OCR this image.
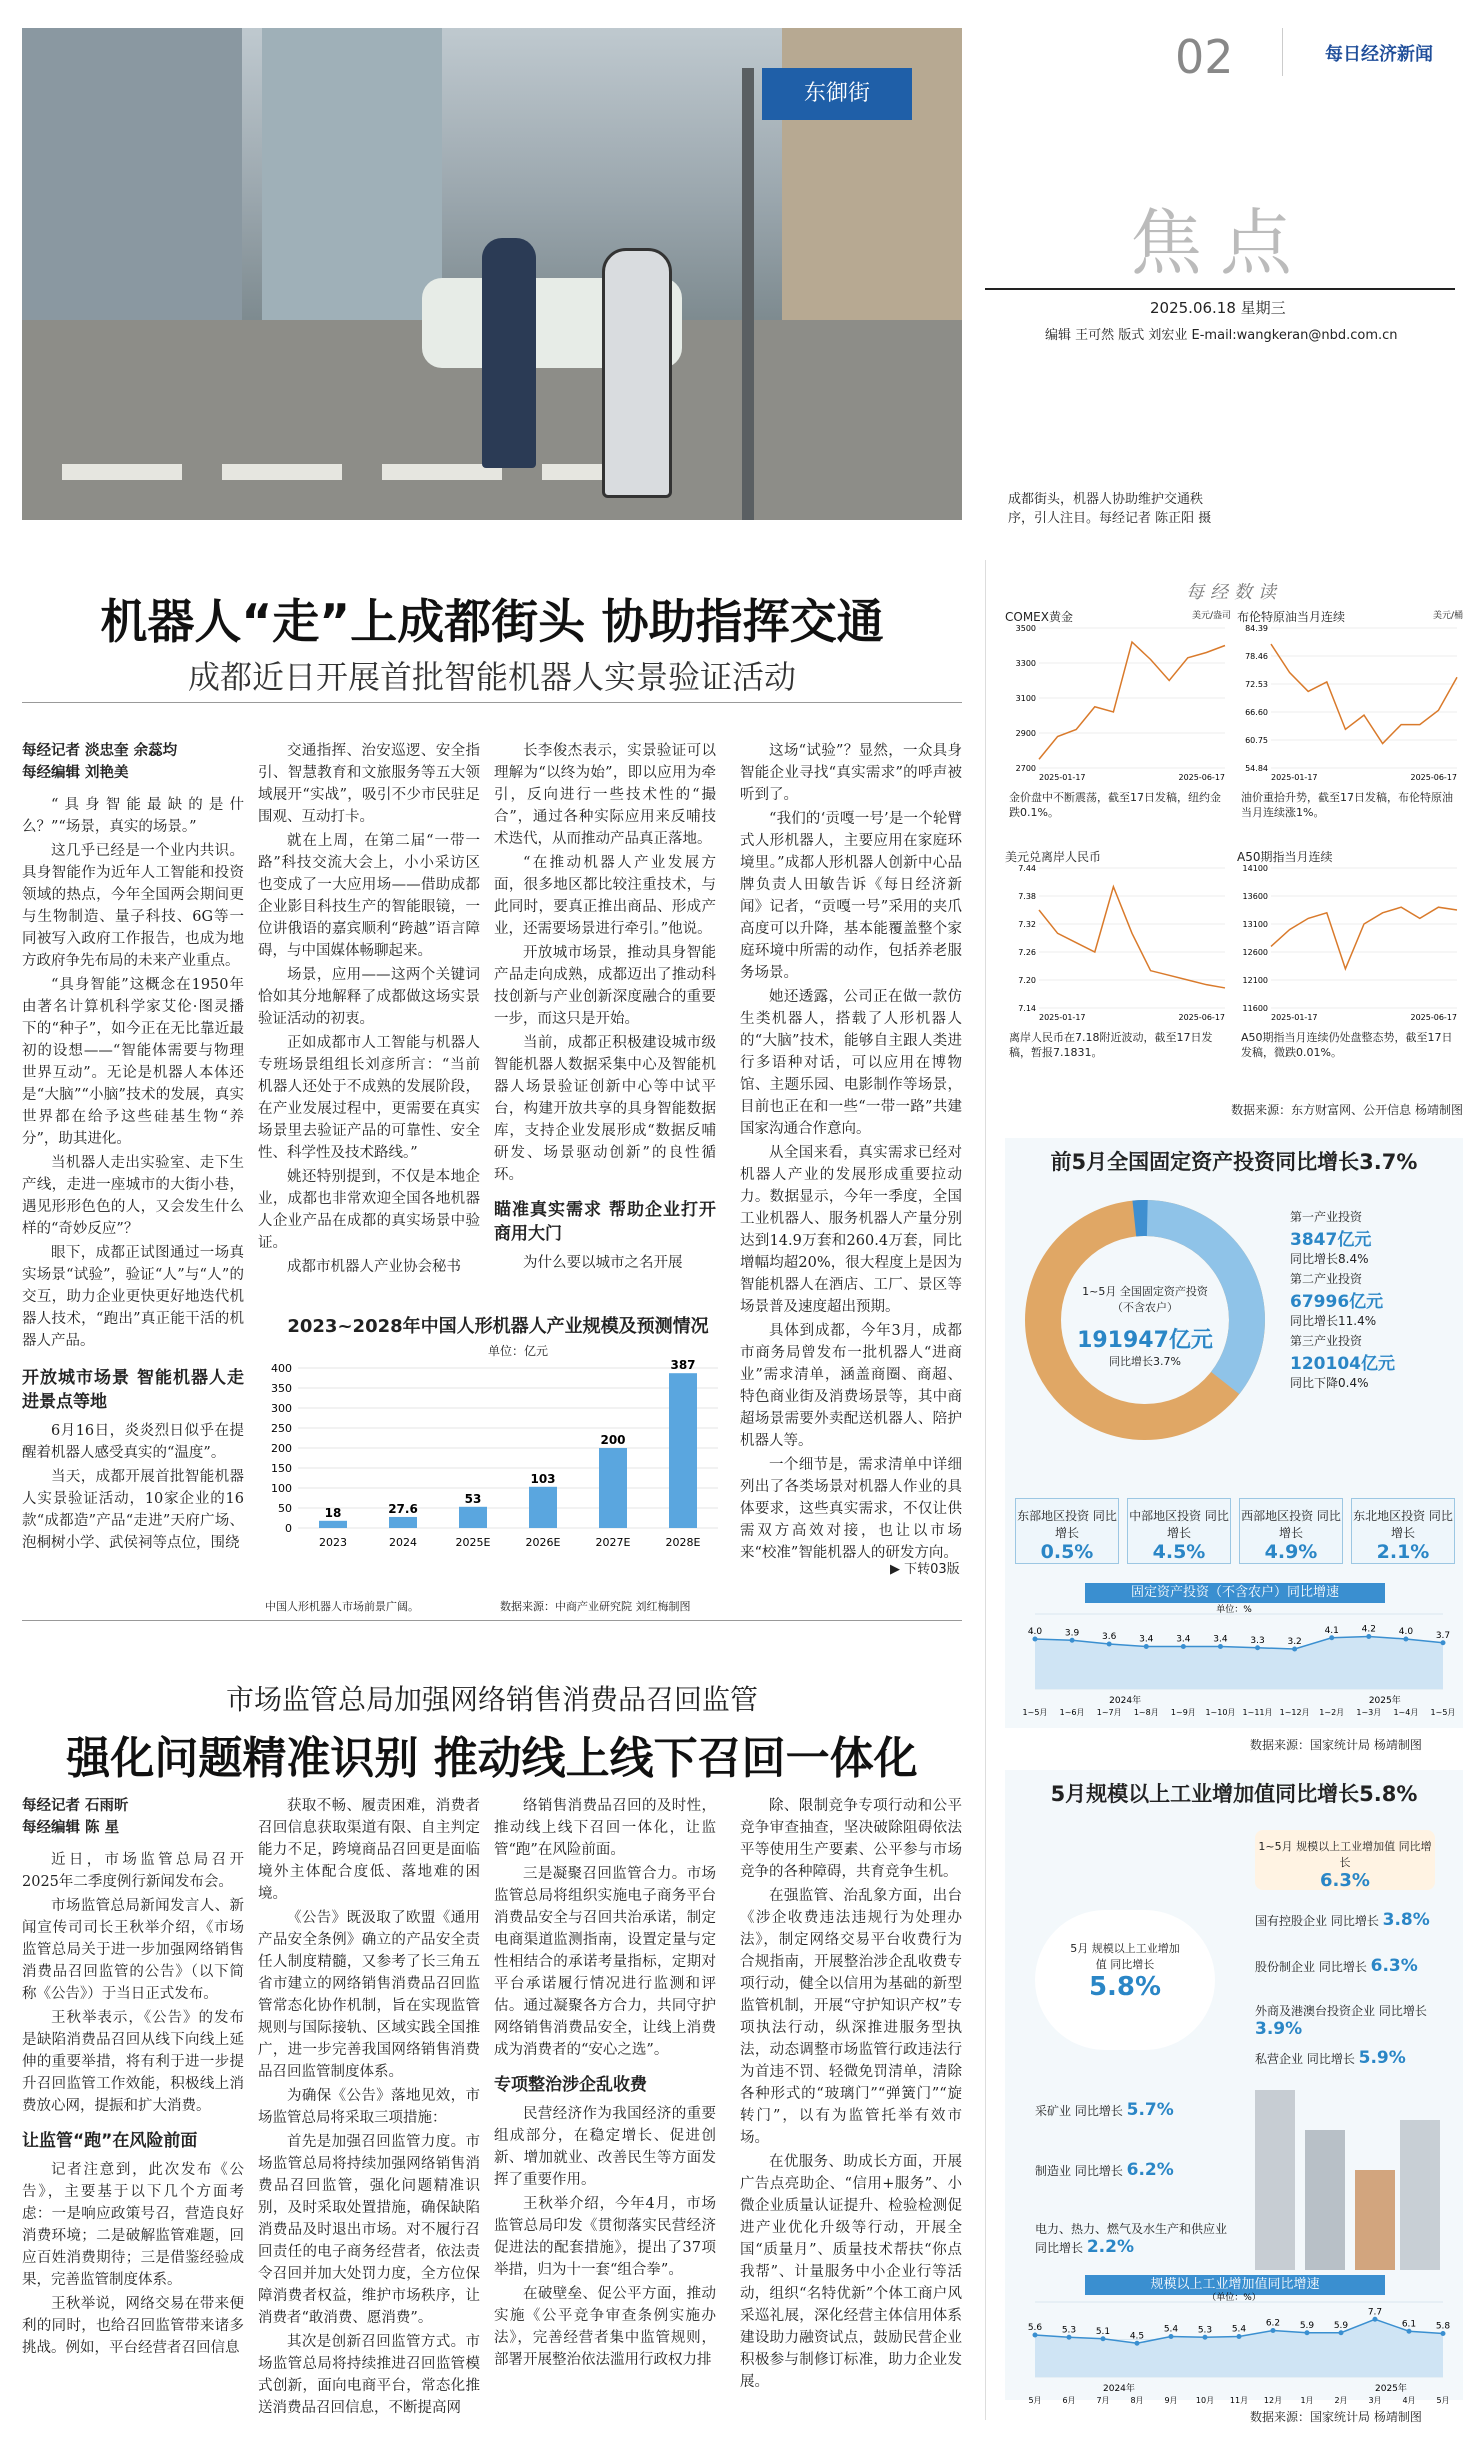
东御街
02	每日经济新闻
焦点
2025.06.18 星期三
编辑 王可然 版式 刘宏业 E-mail:wangkeran@nbd.com.cn
成都街头，机器人协助维护交通秩序，引人注目。每经记者 陈正阳 摄
机器人“走”上成都街头 协助指挥交通
成都近日开展首批智能机器人实景验证活动
每经记者 淡忠奎 余蕊均
每经编辑 刘艳美

“具身智能最缺的是什么？”“场景，真实的场景。”

这几乎已经是一个业内共识。具身智能作为近年人工智能和投资领域的热点，今年全国两会期间更与生物制造、量子科技、6G等一同被写入政府工作报告，也成为地方政府争先布局的未来产业重点。

“具身智能”这概念在1950年由著名计算机科学家艾伦·图灵播下的“种子”，如今正在无比靠近最初的设想——“智能体需要与物理世界互动”。无论是机器人本体还是“大脑”“小脑”技术的发展，真实世界都在给予这些硅基生物“养分”，助其进化。

当机器人走出实验室、走下生产线，走进一座城市的大街小巷，遇见形形色色的人，又会发生什么样的“奇妙反应”？

眼下，成都正试图通过一场真实场景“试验”，验证“人”与“人”的交互，助力企业更快更好地迭代机器人技术，“跑出”真正能干活的机器人产品。

开放城市场景 智能机器人走进景点等地

6月16日，炎炎烈日似乎在提醒着机器人感受真实的“温度”。

当天，成都开展首批智能机器人实景验证活动，10家企业的16款“成都造”产品“走进”天府广场、泡桐树小学、武侯祠等点位，围绕

交通指挥、治安巡逻、安全指引、智慧教育和文旅服务等五大领域展开“实战”，吸引不少市民驻足围观、互动打卡。

就在上周，在第二届“一带一路”科技交流大会上，小小采访区也变成了一大应用场——借助成都企业影目科技生产的智能眼镜，一位讲俄语的嘉宾顺利“跨越”语言障碍，与中国媒体畅聊起来。

场景，应用——这两个关键词恰如其分地解释了成都做这场实景验证活动的初衷。

正如成都市人工智能与机器人专班场景组组长刘彦所言：“当前机器人还处于不成熟的发展阶段，在产业发展过程中，更需要在真实场景里去验证产品的可靠性、安全性、科学性及技术路线。”

姚还特别提到，不仅是本地企业，成都也非常欢迎全国各地机器人企业产品在成都的真实场景中验证。

成都市机器人产业协会秘书

长李俊杰表示，实景验证可以理解为“以终为始”，即以应用为牵引，反向进行一些技术性的“撮合”，通过各种实际应用来反哺技术迭代，从而推动产品真正落地。

“在推动机器人产业发展方面，很多地区都比较注重技术，与此同时，要真正推出商品、形成产业，还需要场景进行牵引。”他说。

开放城市场景，推动具身智能产品走向成熟，成都迈出了推动科技创新与产业创新深度融合的重要一步，而这只是开始。

当前，成都正积极建设城市级智能机器人数据采集中心及智能机器人场景验证创新中心等中试平台，构建开放共享的具身智能数据库，支持企业发展形成“数据反哺研发、场景驱动创新”的良性循环。

瞄准真实需求 帮助企业打开商用大门

为什么要以城市之名开展

这场“试验”？显然，一众具身智能企业寻找“真实需求”的呼声被听到了。

“我们的‘贡嘎一号’是一个轮臂式人形机器人，主要应用在家庭环境里。”成都人形机器人创新中心品牌负责人田敏告诉《每日经济新闻》记者，“贡嘎一号”采用的夹爪高度可以升降，基本能覆盖整个家庭环境中所需的动作，包括养老服务场景。

她还透露，公司正在做一款仿生类机器人，搭载了人形机器人的“大脑”技术，能够自主跟人类进行多语种对话，可以应用在博物馆、主题乐园、电影制作等场景，目前也正在和一些“一带一路”共建国家沟通合作意向。

从全国来看，真实需求已经对机器人产业的发展形成重要拉动力。数据显示，今年一季度，全国工业机器人、服务机器人产量分别达到14.9万套和260.4万套，同比增幅均超20%，很大程度上是因为智能机器人在酒店、工厂、景区等场景普及速度超出预期。

具体到成都，今年3月，成都市商务局曾发布一批机器人“进商业”需求清单，涵盖商圈、商超、特色商业街及消费场景等，其中商超场景需要外卖配送机器人、陪护机器人等。

一个细节是，需求清单中详细列出了各类场景对机器人作业的具体要求，这些真实需求，不仅让供需双方高效对接，也让以市场来“校准”智能机器人的研发方向。

▶ 下转03版
2023~2028年中国人形机器人产业规模及预测情况
单位：亿元
400
350
300
250
200
150
100
50
0
18
2023
27.6
2024
53
2025E
103
2026E
200
2027E
387
2028E
中国人形机器人市场前景广阔。	数据来源：中商产业研究院 刘红梅制图
市场监管总局加强网络销售消费品召回监管
强化问题精准识别 推动线上线下召回一体化
每经记者 石雨昕
每经编辑 陈 星

近日，市场监管总局召开2025年二季度例行新闻发布会。

市场监管总局新闻发言人、新闻宣传司司长王秋举介绍，《市场监管总局关于进一步加强网络销售消费品召回监管的公告》（以下简称《公告》）于当日正式发布。

王秋举表示，《公告》的发布是缺陷消费品召回从线下向线上延伸的重要举措，将有利于进一步提升召回监管工作效能，积极线上消费放心网，提振和扩大消费。

让监管“跑”在风险前面

记者注意到，此次发布《公告》，主要基于以下几个方面考虑：一是响应政策号召，营造良好消费环境；二是破解监管难题，回应百姓消费期待；三是借鉴经验成果，完善监管制度体系。

王秋举说，网络交易在带来便利的同时，也给召回监管带来诸多挑战。例如，平台经营者召回信息

获取不畅、履责困难，消费者召回信息获取渠道有限、自主判定能力不足，跨境商品召回更是面临境外主体配合度低、落地难的困境。

《公告》既汲取了欧盟《通用产品安全条例》确立的产品安全责任人制度精髓，又参考了长三角五省市建立的网络销售消费品召回监管常态化协作机制，旨在实现监管规则与国际接轨、区域实践全国推广，进一步完善我国网络销售消费品召回监管制度体系。

为确保《公告》落地见效，市场监管总局将采取三项措施：

首先是加强召回监管力度。市场监管总局将持续加强网络销售消费品召回监管，强化问题精准识别，及时采取处置措施，确保缺陷消费品及时退出市场。对不履行召回责任的电子商务经营者，依法责令召回并加大处罚力度，全方位保障消费者权益，维护市场秩序，让消费者“敢消费、愿消费”。

其次是创新召回监管方式。市场监管总局将持续推进召回监管模式创新，面向电商平台，常态化推送消费品召回信息，不断提高网

络销售消费品召回的及时性，推动线上线下召回一体化，让监管“跑”在风险前面。

三是凝聚召回监管合力。市场监管总局将组织实施电子商务平台消费品安全与召回共治承诺，制定电商渠道监测指南，设置定量与定性相结合的承诺考量指标，定期对平台承诺履行情况进行监测和评估。通过凝聚各方合力，共同守护网络销售消费品安全，让线上消费成为消费者的“安心之选”。

专项整治涉企乱收费

民营经济作为我国经济的重要组成部分，在稳定增长、促进创新、增加就业、改善民生等方面发挥了重要作用。

王秋举介绍，今年4月，市场监管总局印发《贯彻落实民营经济促进法的配套措施》，提出了37项举措，归为十一套“组合拳”。

在破壁垒、促公平方面，推动实施《公平竞争审查条例实施办法》，完善经营者集中监管规则，部署开展整治依法滥用行政权力排

除、限制竞争专项行动和公平竞争审查抽查，坚决破除阻碍依法平等使用生产要素、公平参与市场竞争的各种障碍，共育竞争生机。

在强监管、治乱象方面，出台《涉企收费违法违规行为处理办法》，制定网络交易平台收费行为合规指南，开展整治涉企乱收费专项行动，健全以信用为基础的新型监管机制，开展“守护知识产权”专项执法行动，纵深推进服务型执法，动态调整市场监管行政违法行为首违不罚、轻微免罚清单，清除各种形式的“玻璃门”“弹簧门”“旋转门”，以有为监管托举有效市场。

在优服务、助成长方面，开展广告点亮助企、“信用+服务”、小微企业质量认证提升、检验检测促进产业优化升级等行动，开展全国“质量月”、质量技术帮扶“你点我帮”、计量服务中小企业行等活动，组织“名特优新”个体工商户风采巡礼展，深化经营主体信用体系建设助力融资试点，鼓励民营企业积极参与制修订标准，助力企业发展。

每经数读
COMEX黄金	美元/盎司
3500
3300
3100
2900
2700
2025-01-17	2025-06-17
金价盘中不断震荡，截至17日发稿，纽约金跌0.1%。
布伦特原油当月连续	美元/桶
84.39
78.46
72.53
66.60
60.75
54.84
2025-01-17	2025-06-17
油价重拾升势，截至17日发稿，布伦特原油当月连续涨1%。
美元兑离岸人民币
7.44
7.38
7.32
7.26
7.20
7.14
2025-01-17	2025-06-17
离岸人民币在7.18附近波动，截至17日发稿，暂报7.1831。
A50期指当月连续
14100
13600
13100
12600
12100
11600
2025-01-17	2025-06-17
A50期指当月连续仍处盘整态势，截至17日发稿，微跌0.01%。
数据来源：东方财富网、公开信息 杨靖制图
前5月全国固定资产投资同比增长3.7%
1~5月 全国固定资产投资（不含农户）
191947亿元
同比增长3.7%
第一产业投资
3847亿元
同比增长8.4%
第二产业投资
67996亿元
同比增长11.4%
第三产业投资
120104亿元
同比下降0.4%
东部地区投资 同比增长
0.5%
中部地区投资 同比增长
4.5%
西部地区投资 同比增长
4.9%
东北地区投资 同比增长
2.1%
固定资产投资（不含农户）同比增速
4.0
1~5月
3.9
1~6月
3.6
1~7月
3.4
1~8月
3.4
1~9月
3.4
1~10月
3.3
1~11月
3.2
1~12月
4.1
1~2月
4.2
1~3月
4.0
1~4月
3.7
1~5月
2024年	2025年
单位：%
数据来源：国家统计局 杨靖制图
5月规模以上工业增加值同比增长5.8%
1~5月 规模以上工业增加值 同比增长
6.3%
5月 规模以上工业增加值 同比增长
5.8%
国有控股企业 同比增长 3.8%
股份制企业 同比增长 6.3%
外商及港澳台投资企业 同比增长 3.9%
私营企业 同比增长 5.9%
采矿业 同比增长 5.7%
制造业 同比增长 6.2%
电力、热力、燃气及水生产和供应业 同比增长 2.2%
规模以上工业增加值同比增速
5.6
5月
5.3
6月
5.1
7月
4.5
8月
5.4
9月
5.3
10月
5.4
11月
6.2
12月
5.9
1月
5.9
2月
7.7
3月
6.1
4月
5.8
5月
2024年	2025年
（单位：%）
数据来源：国家统计局 杨靖制图
